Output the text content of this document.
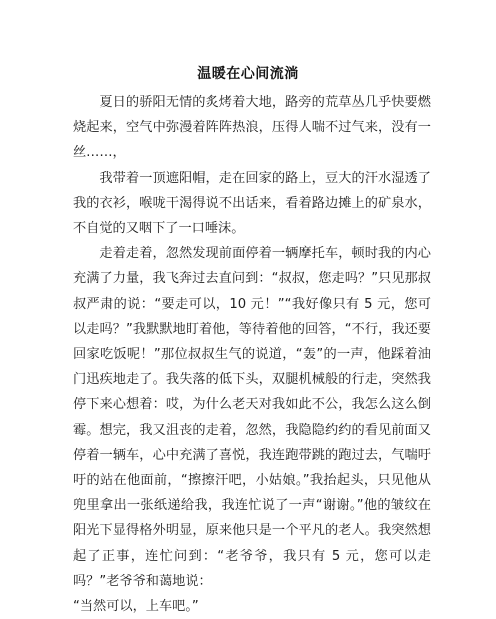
温暖在心间流淌

夏日的骄阳无情的炙烤着大地，路旁的荒草丛几乎快要燃烧起来，空气中弥漫着阵阵热浪，压得人喘不过气来，没有一丝……，

我带着一顶遮阳帽，走在回家的路上，豆大的汗水湿透了我的衣衫，喉咙干渴得说不出话来，看着路边摊上的矿泉水，不自觉的又咽下了一口唾沫。

走着走着，忽然发现前面停着一辆摩托车，顿时我的内心充满了力量，我飞奔过去直问到：“叔叔，您走吗？”只见那叔叔严肃的说：“要走可以，10 元！”“我好像只有 5 元，您可以走吗？”我默默地盯着他，等待着他的回答，“不行，我还要回家吃饭呢！”那位叔叔生气的说道，“轰”的一声，他踩着油门迅疾地走了。我失落的低下头，双腿机械般的行走，突然我停下来心想着：哎，为什么老天对我如此不公，我怎么这么倒霉。想完，我又沮丧的走着，忽然，我隐隐约约的看见前面又停着一辆车，心中充满了喜悦，我连跑带跳的跑过去，气喘吁吁的站在他面前，“擦擦汗吧，小姑娘。”我抬起头，只见他从兜里拿出一张纸递给我，我连忙说了一声“谢谢。”他的皱纹在阳光下显得格外明显，原来他只是一个平凡的老人。我突然想起了正事，连忙问到：“老爷爷，我只有 5 元，您可以走吗？”老爷爷和蔼地说：

“当然可以，上车吧。”
